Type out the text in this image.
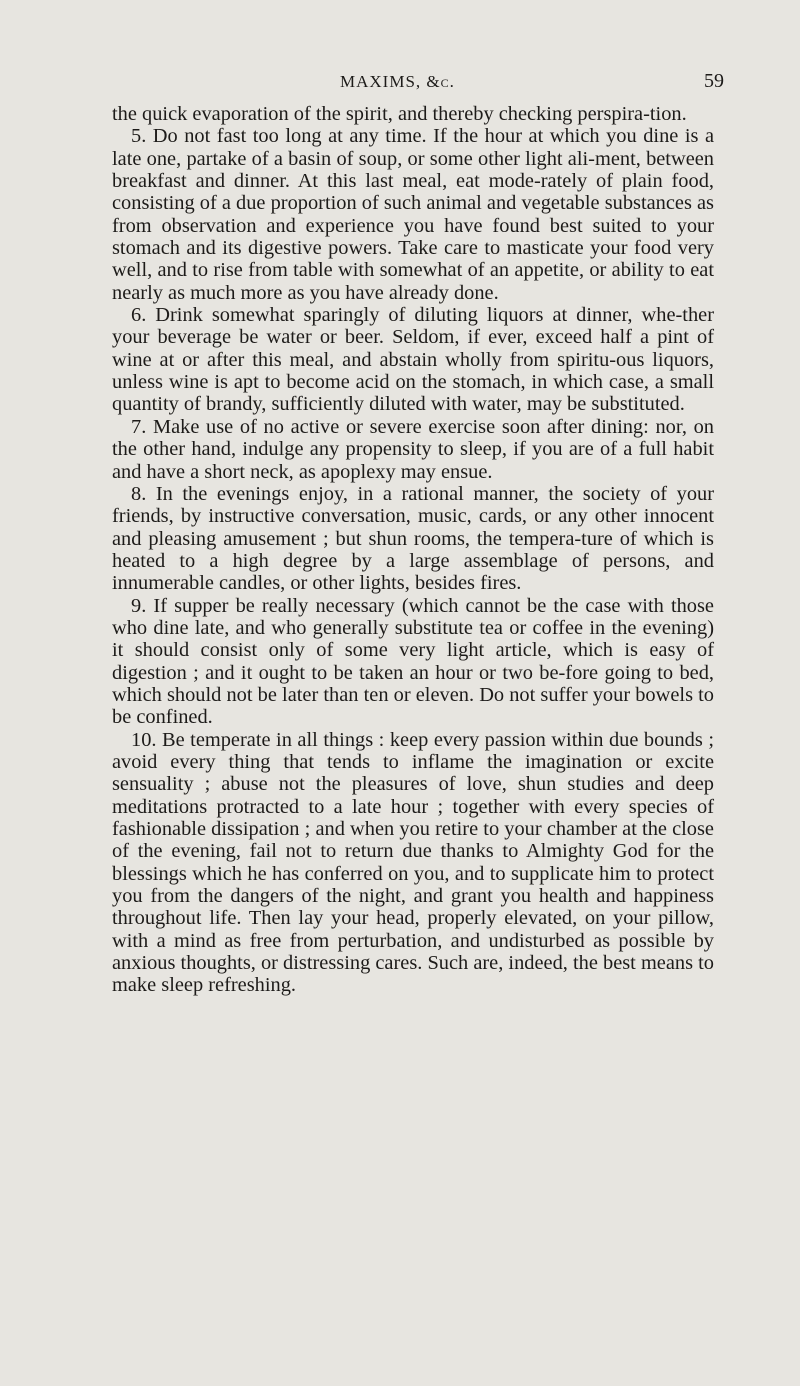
MAXIMS, &c.	59

the quick evaporation of the spirit, and thereby checking perspira-tion.

5. Do not fast too long at any time. If the hour at which you dine is a late one, partake of a basin of soup, or some other light ali-ment, between breakfast and dinner. At this last meal, eat mode-rately of plain food, consisting of a due proportion of such animal and vegetable substances as from observation and experience you have found best suited to your stomach and its digestive powers. Take care to masticate your food very well, and to rise from table with somewhat of an appetite, or ability to eat nearly as much more as you have already done.

6. Drink somewhat sparingly of diluting liquors at dinner, whe-ther your beverage be water or beer. Seldom, if ever, exceed half a pint of wine at or after this meal, and abstain wholly from spiritu-ous liquors, unless wine is apt to become acid on the stomach, in which case, a small quantity of brandy, sufficiently diluted with water, may be substituted.

7. Make use of no active or severe exercise soon after dining: nor, on the other hand, indulge any propensity to sleep, if you are of a full habit and have a short neck, as apoplexy may ensue.

8. In the evenings enjoy, in a rational manner, the society of your friends, by instructive conversation, music, cards, or any other innocent and pleasing amusement ; but shun rooms, the tempera-ture of which is heated to a high degree by a large assemblage of persons, and innumerable candles, or other lights, besides fires.

9. If supper be really necessary (which cannot be the case with those who dine late, and who generally substitute tea or coffee in the evening) it should consist only of some very light article, which is easy of digestion ; and it ought to be taken an hour or two be-fore going to bed, which should not be later than ten or eleven. Do not suffer your bowels to be confined.

10. Be temperate in all things : keep every passion within due bounds ; avoid every thing that tends to inflame the imagination or excite sensuality ; abuse not the pleasures of love, shun studies and deep meditations protracted to a late hour ; together with every species of fashionable dissipation ; and when you retire to your chamber at the close of the evening, fail not to return due thanks to Almighty God for the blessings which he has conferred on you, and to supplicate him to protect you from the dangers of the night, and grant you health and happiness throughout life. Then lay your head, properly elevated, on your pillow, with a mind as free from perturbation, and undisturbed as possible by anxious thoughts, or distressing cares. Such are, indeed, the best means to make sleep refreshing.
